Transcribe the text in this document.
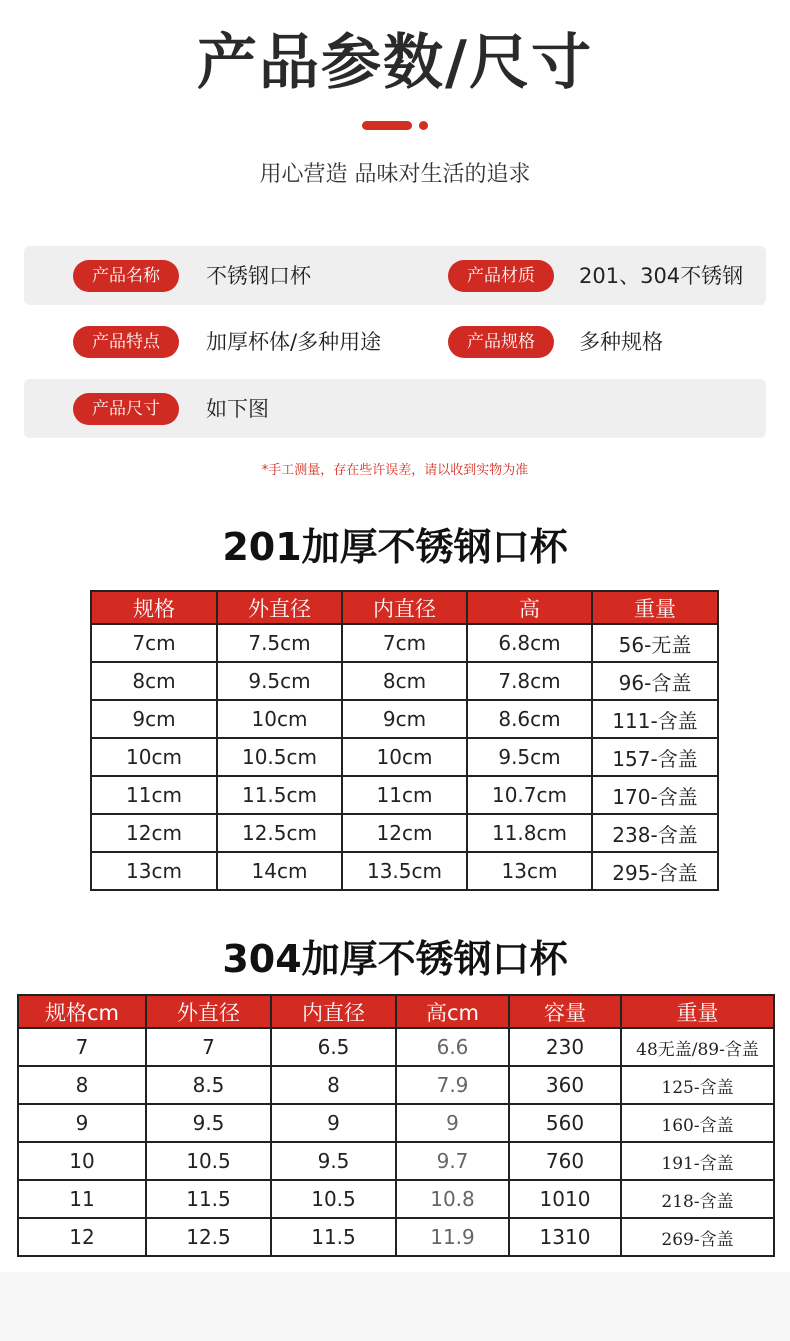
产品参数/尺寸
用心营造 品味对生活的追求
产品名称	不锈钢口杯	产品材质	201、304不锈钢
产品特点	加厚杯体/多种用途	产品规格	多种规格
产品尺寸	如下图
*手工测量，存在些许误差，请以收到实物为准
201加厚不锈钢口杯
规格	外直径	内直径	高	重量
7cm	7.5cm	7cm	6.8cm	56-无盖
8cm	9.5cm	8cm	7.8cm	96-含盖
9cm	10cm	9cm	8.6cm	111-含盖
10cm	10.5cm	10cm	9.5cm	157-含盖
11cm	11.5cm	11cm	10.7cm	170-含盖
12cm	12.5cm	12cm	11.8cm	238-含盖
13cm	14cm	13.5cm	13cm	295-含盖
304加厚不锈钢口杯
规格cm	外直径	内直径	高cm	容量	重量
7	7	6.5	6.6	230	48无盖/89-含盖
8	8.5	8	7.9	360	125-含盖
9	9.5	9	9	560	160-含盖
10	10.5	9.5	9.7	760	191-含盖
11	11.5	10.5	10.8	1010	218-含盖
12	12.5	11.5	11.9	1310	269-含盖
